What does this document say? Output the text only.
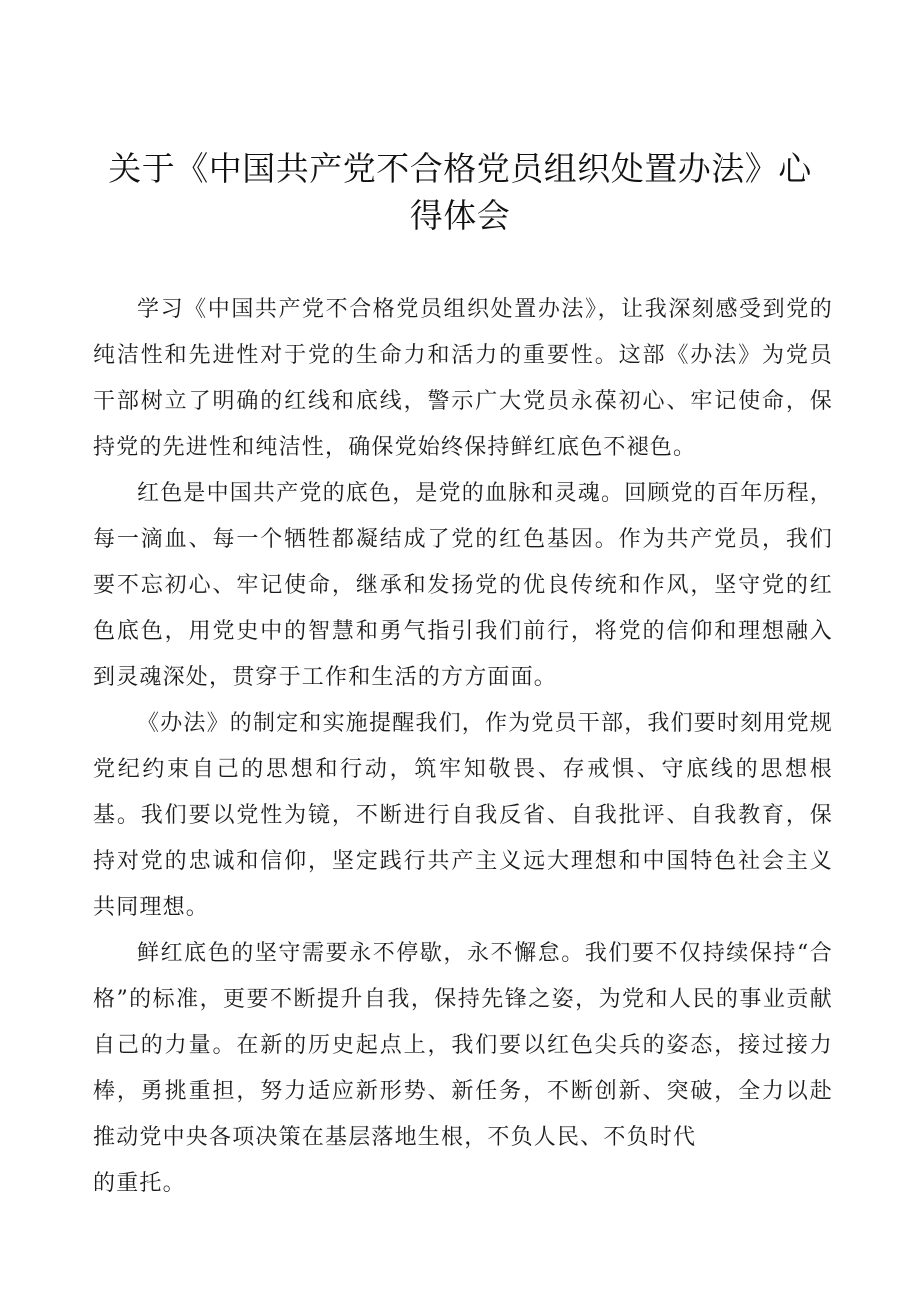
关于《中国共产党不合格党员组织处置办法》心得体会

学习《中国共产党不合格党员组织处置办法》，让我深刻感受到党的纯洁性和先进性对于党的生命力和活力的重要性。这部《办法》为党员干部树立了明确的红线和底线，警示广大党员永葆初心、牢记使命，保持党的先进性和纯洁性，确保党始终保持鲜红底色不褪色。

红色是中国共产党的底色，是党的血脉和灵魂。回顾党的百年历程，每一滴血、每一个牺牲都凝结成了党的红色基因。作为共产党员，我们要不忘初心、牢记使命，继承和发扬党的优良传统和作风，坚守党的红色底色，用党史中的智慧和勇气指引我们前行，将党的信仰和理想融入到灵魂深处，贯穿于工作和生活的方方面面。

《办法》的制定和实施提醒我们，作为党员干部，我们要时刻用党规党纪约束自己的思想和行动，筑牢知敬畏、存戒惧、守底线的思想根基。我们要以党性为镜，不断进行自我反省、自我批评、自我教育，保持对党的忠诚和信仰，坚定践行共产主义远大理想和中国特色社会主义共同理想。

鲜红底色的坚守需要永不停歇，永不懈怠。我们要不仅持续保持“合格”的标准，更要不断提升自我，保持先锋之姿，为党和人民的事业贡献自己的力量。在新的历史起点上，我们要以红色尖兵的姿态，接过接力棒，勇挑重担，努力适应新形势、新任务，不断创新、突破，全力以赴推动党中央各项决策在基层落地生根，不负人民、不负时代

的重托。
